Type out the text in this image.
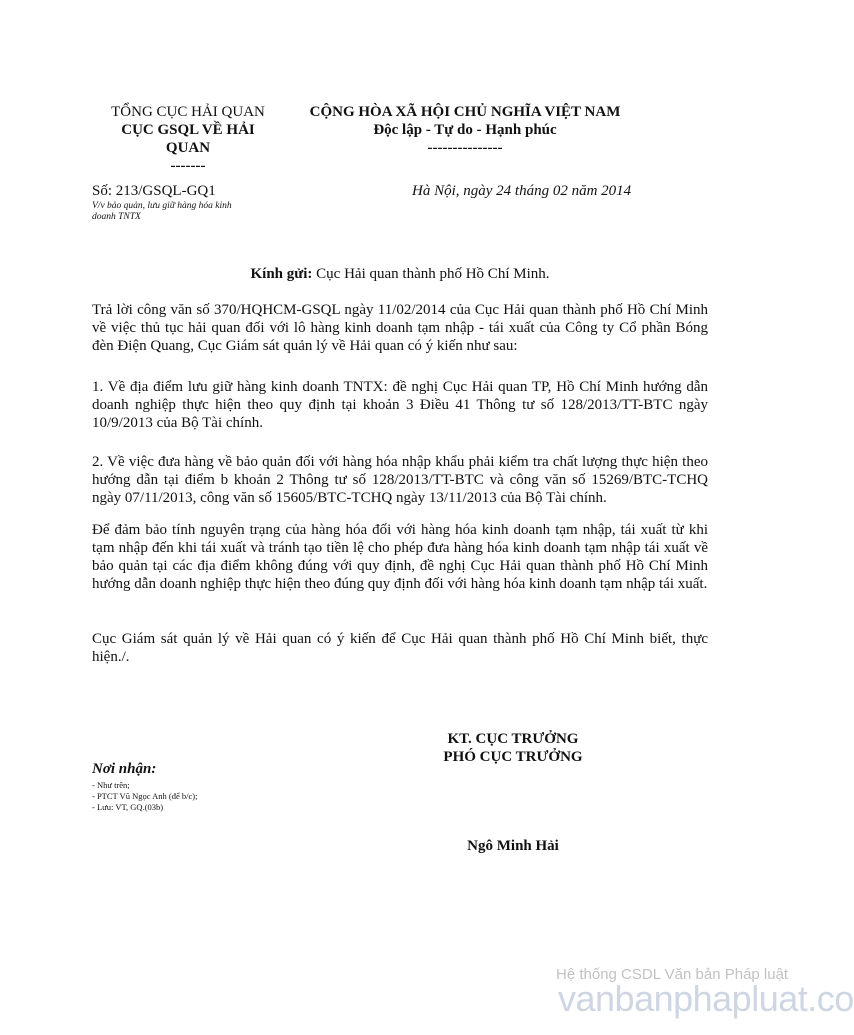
TỔNG CỤC HẢI QUAN
CỤC GSQL VỀ HẢI
QUAN
-------
CỘNG HÒA XÃ HỘI CHỦ NGHĨA VIỆT NAM
Độc lập - Tự do - Hạnh phúc
---------------
Số: 213/GSQL-GQ1
V/v bảo quản, lưu giữ hàng hóa kinh
doanh TNTX
Hà Nội, ngày 24 tháng 02 năm 2014
Kính gửi: Cục Hải quan thành phố Hồ Chí Minh.
Trả lời công văn số 370/HQHCM-GSQL ngày 11/02/2014 của Cục Hải quan thành phố Hồ Chí Minh về việc thủ tục hải quan đối với lô hàng kinh doanh tạm nhập - tái xuất của Công ty Cổ phần Bóng đèn Điện Quang, Cục Giám sát quản lý về Hải quan có ý kiến như sau:
1. Về địa điểm lưu giữ hàng kinh doanh TNTX: đề nghị Cục Hải quan TP, Hồ Chí Minh hướng dẫn doanh nghiệp thực hiện theo quy định tại khoản 3 Điều 41 Thông tư số 128/2013/TT-BTC ngày 10/9/2013 của Bộ Tài chính.
2. Về việc đưa hàng về bảo quản đối với hàng hóa nhập khẩu phải kiểm tra chất lượng thực hiện theo hướng dẫn tại điểm b khoản 2 Thông tư số 128/2013/TT-BTC và công văn số 15269/BTC-TCHQ ngày 07/11/2013, công văn số 15605/BTC-TCHQ ngày 13/11/2013 của Bộ Tài chính.
Để đảm bảo tính nguyên trạng của hàng hóa đối với hàng hóa kinh doanh tạm nhập, tái xuất từ khi tạm nhập đến khi tái xuất và tránh tạo tiền lệ cho phép đưa hàng hóa kinh doanh tạm nhập tái xuất về bảo quản tại các địa điểm không đúng với quy định, đề nghị Cục Hải quan thành phố Hồ Chí Minh hướng dẫn doanh nghiệp thực hiện theo đúng quy định đối với hàng hóa kinh doanh tạm nhập tái xuất.
Cục Giám sát quản lý về Hải quan có ý kiến để Cục Hải quan thành phố Hồ Chí Minh biết, thực hiện./.
KT. CỤC TRƯỞNG
PHÓ CỤC TRƯỞNG
Ngô Minh Hải
Nơi nhận:
- Như trên;
- PTCT Vũ Ngọc Anh (để b/c);
- Lưu: VT, GQ.(03b)
Hệ thống CSDL Văn bản Pháp luật
vanbanphapluat.co
